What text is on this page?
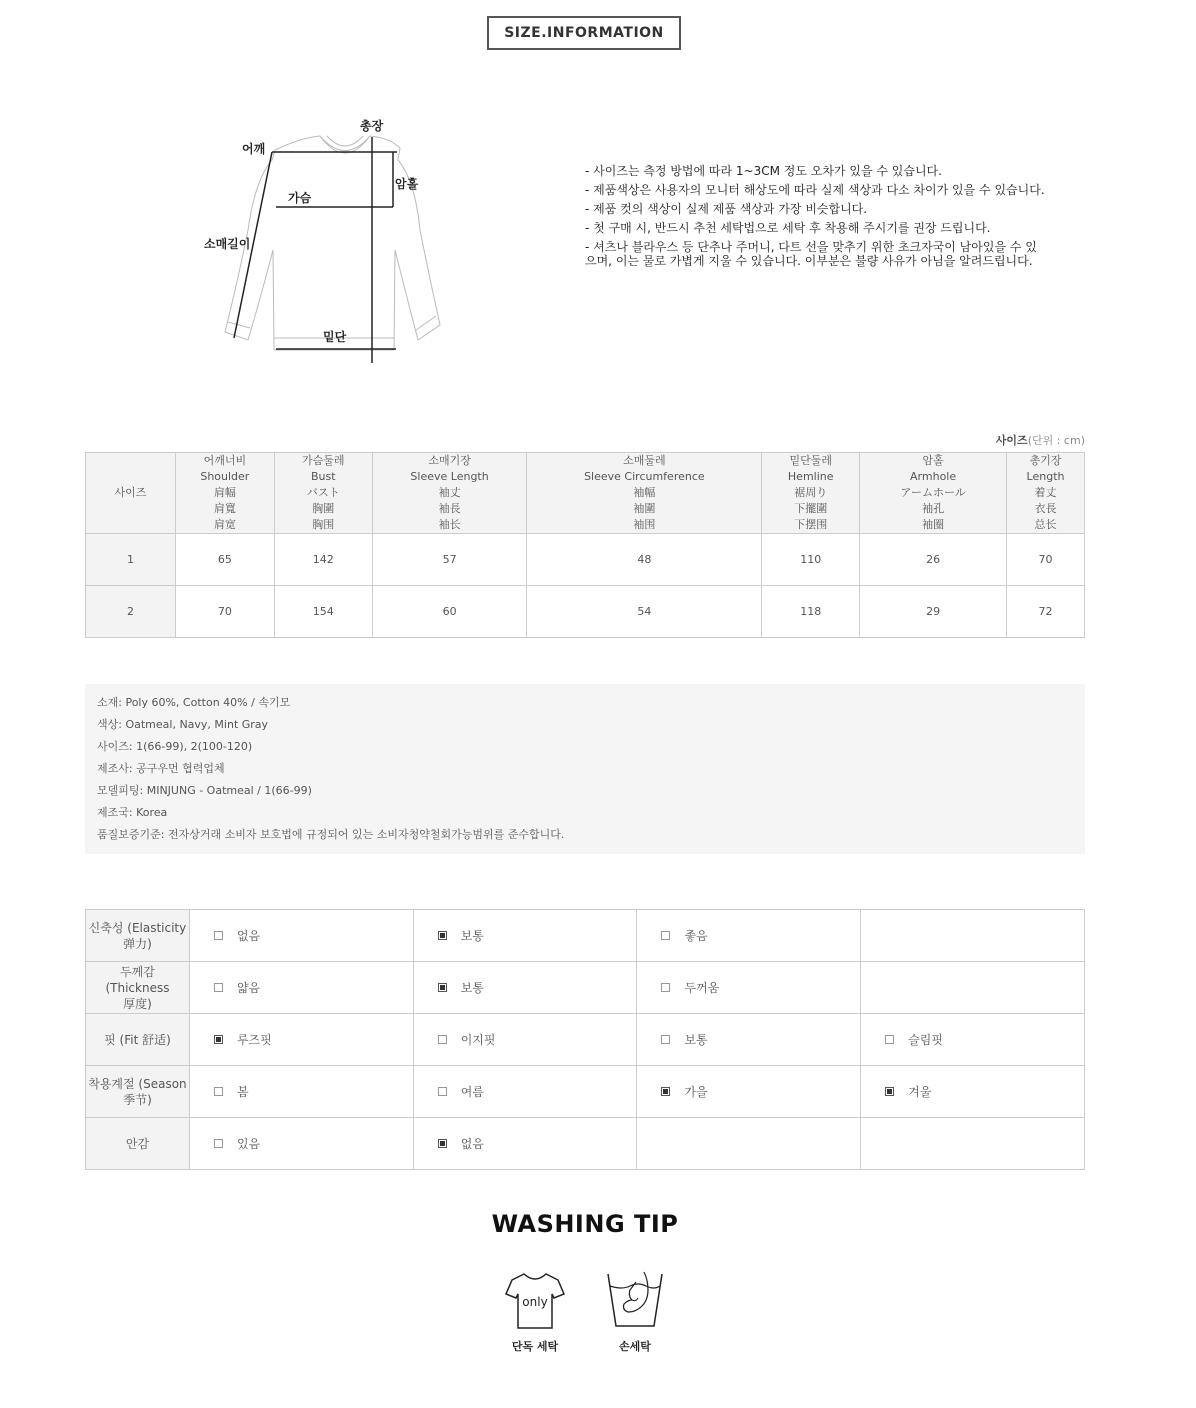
SIZE.INFORMATION
총장
어깨
암홀
가슴
소매길이
밑단

- 사이즈는 측정 방법에 따라 1~3CM 정도 오차가 있을 수 있습니다.

- 제품색상은 사용자의 모니터 해상도에 따라 실제 색상과 다소 차이가 있을 수 있습니다.

- 제품 컷의 색상이 실제 제품 색상과 가장 비슷합니다.

- 첫 구매 시, 반드시 추천 세탁법으로 세탁 후 착용해 주시기를 권장 드립니다.

- 셔츠나 블라우스 등 단추나 주머니, 다트 선을 맞추기 위한 초크자국이 남아있을 수 있

으며, 이는 물로 가볍게 지울 수 있습니다. 이부분은 불량 사유가 아님을 알려드립니다.

사이즈(단위 : cm)
사이즈	어깨너비
Shoulder
肩幅
肩寬
肩宽	가슴둘레
Bust
バスト
胸圍
胸围	소매기장
Sleeve Length
袖丈
袖長
袖长	소매둘레
Sleeve Circumference
袖幅
袖圍
袖围	밑단둘레
Hemline
裾周り
下擺圍
下摆围	암홀
Armhole
アームホール
袖孔
袖圈	총기장
Length
着丈
衣長
总长

1	65	142	57	48	110	26	70
2	70	154	60	54	118	29	72
소재: Poly 60%, Cotton 40% / 속기모
색상: Oatmeal, Navy, Mint Gray
사이즈: 1(66-99), 2(100-120)
제조사: 공구우먼 협력업체
모델피팅: MINJUNG - Oatmeal / 1(66-99)
제조국: Korea
품질보증기준: 전자상거래 소비자 보호법에 규정되어 있는 소비자청약철회가능범위를 준수합니다.
신축성 (Elasticity
弹力)	없음	보통	좋음	

두께감 (Thickness
厚度)	얇음	보통	두꺼움	

핏 (Fit 舒适)	루즈핏	이지핏	보통	슬림핏

착용계절 (Season
季节)	봄	여름	가을	겨울

안감	있음	없음		
WASHING TIP
only
단독 세탁	손세탁
